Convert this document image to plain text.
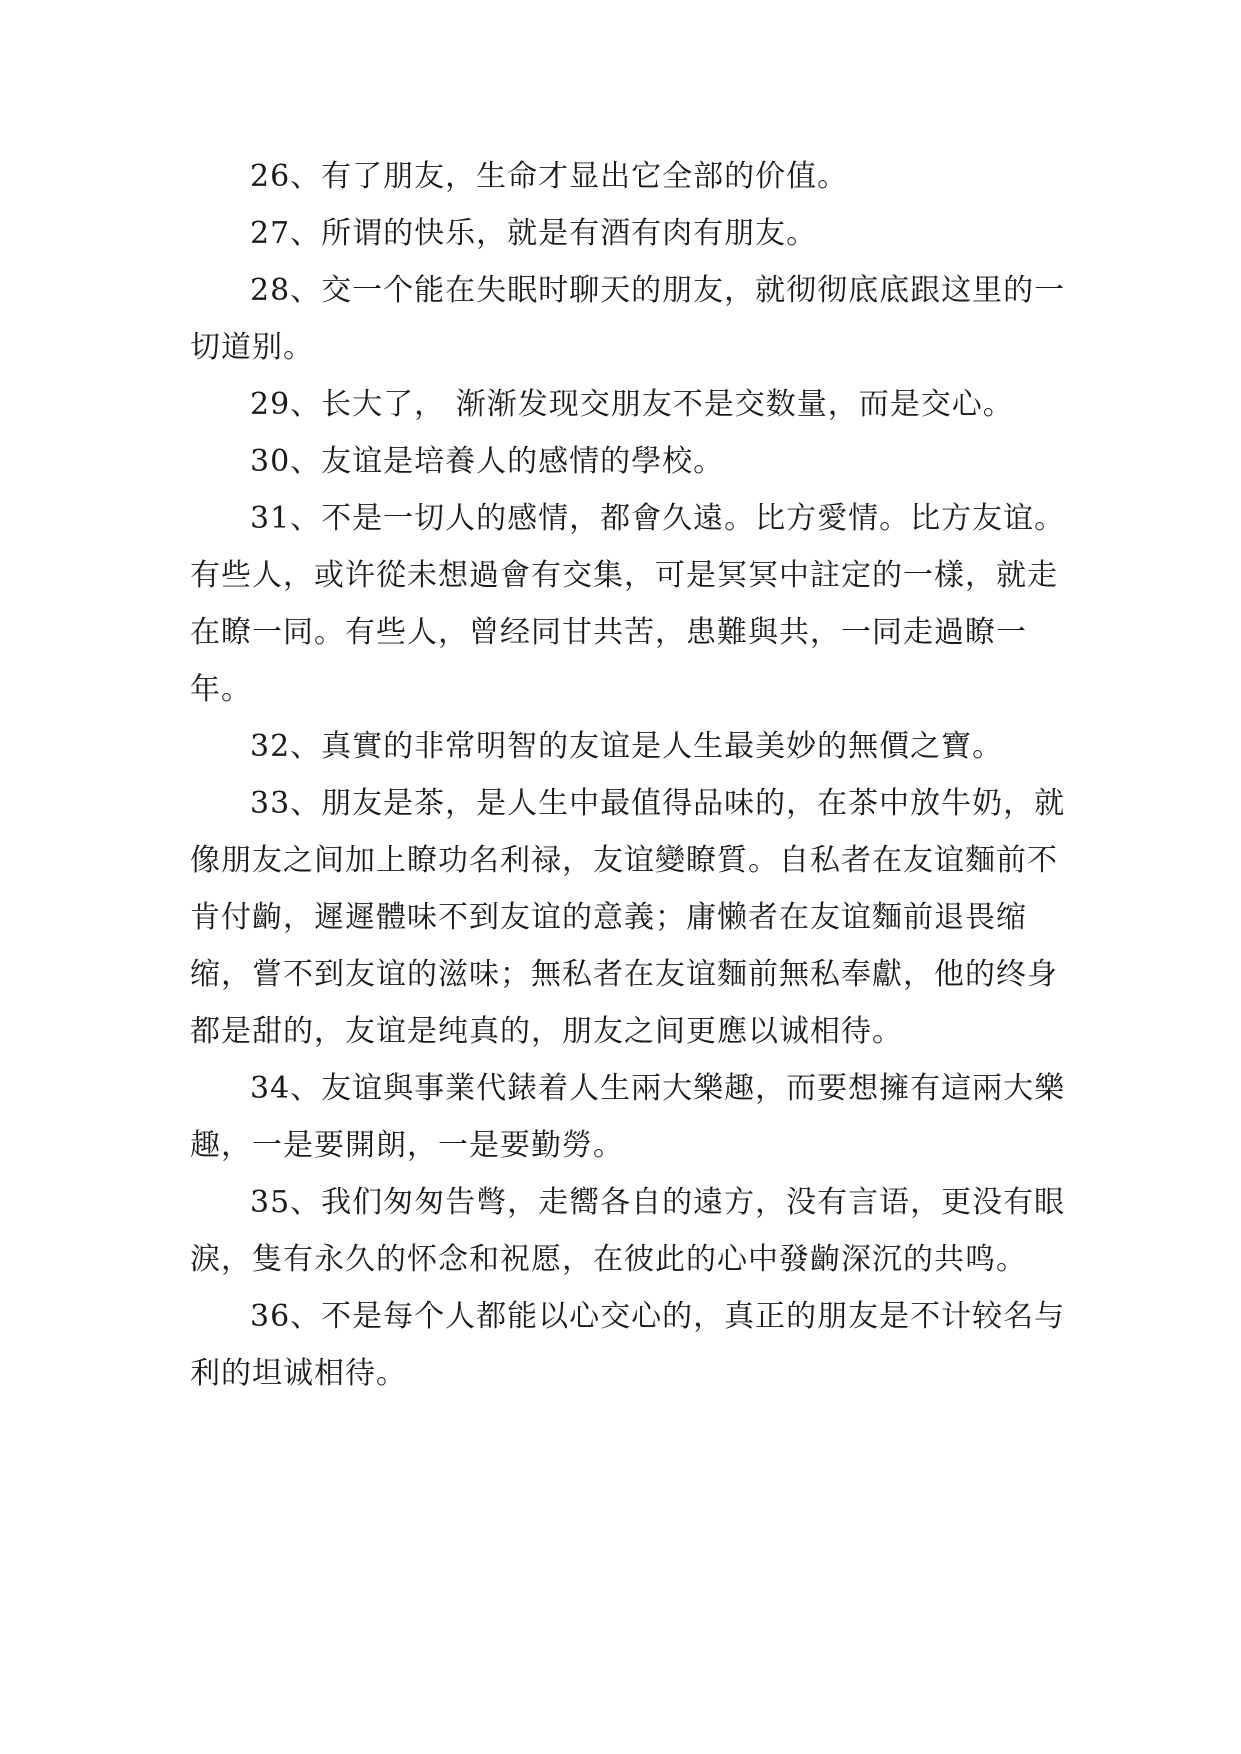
26、有了朋友，生命才显出它全部的价值。

27、所谓的快乐，就是有酒有肉有朋友。

28、交一个能在失眠时聊天的朋友，就彻彻底底跟这里的一切道别。

29、长大了， 渐渐发现交朋友不是交数量，而是交心。

30、友谊是培養人的感情的學校。

31、不是一切人的感情，都會久遠。比方愛情。比方友谊。有些人，或许從未想過會有交集，可是冥冥中註定的一樣，就走在瞭一同。有些人，曾经同甘共苦，患難與共，一同走過瞭一年。

32、真實的非常明智的友谊是人生最美妙的無價之寶。

33、朋友是茶，是人生中最值得品味的，在茶中放牛奶，就像朋友之间加上瞭功名利禄，友谊變瞭質。自私者在友谊麵前不肯付齣，遲遲體味不到友谊的意義；庸懒者在友谊麵前退畏缩缩，嘗不到友谊的滋味；無私者在友谊麵前無私奉獻，他的终身都是甜的，友谊是纯真的，朋友之间更應以诚相待。

34、友谊與事業代錶着人生兩大樂趣，而要想擁有這兩大樂趣，一是要開朗，一是要勤勞。

35、我们匆匆告彆，走嚮各自的遠方，没有言语，更没有眼淚，隻有永久的怀念和祝愿，在彼此的心中發齣深沉的共鸣。

36、不是每个人都能以心交心的，真正的朋友是不计较名与利的坦诚相待。
